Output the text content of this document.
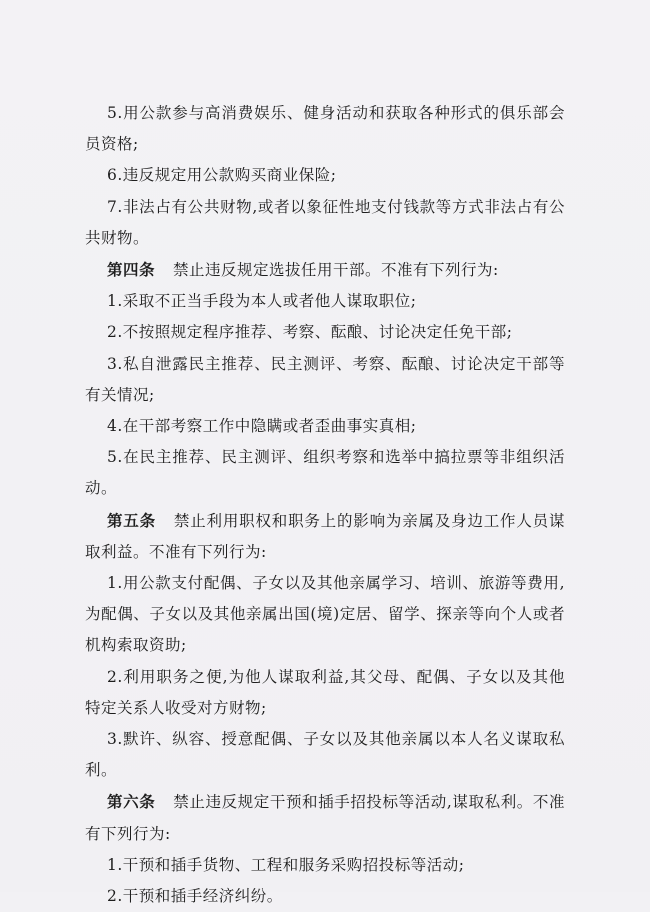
5.用公款参与高消费娱乐、健身活动和获取各种形式的俱乐部会员资格;

6.违反规定用公款购买商业保险;

7.非法占有公共财物,或者以象征性地支付钱款等方式非法占有公共财物。

第四条 禁止违反规定选拔任用干部。不准有下列行为:

1.采取不正当手段为本人或者他人谋取职位;

2.不按照规定程序推荐、考察、酝酿、讨论决定任免干部;

3.私自泄露民主推荐、民主测评、考察、酝酿、讨论决定干部等有关情况;

4.在干部考察工作中隐瞒或者歪曲事实真相;

5.在民主推荐、民主测评、组织考察和选举中搞拉票等非组织活动。

第五条 禁止利用职权和职务上的影响为亲属及身边工作人员谋取利益。不准有下列行为:

1.用公款支付配偶、子女以及其他亲属学习、培训、旅游等费用,为配偶、子女以及其他亲属出国(境)定居、留学、探亲等向个人或者机构索取资助;

2.利用职务之便,为他人谋取利益,其父母、配偶、子女以及其他特定关系人收受对方财物;

3.默许、纵容、授意配偶、子女以及其他亲属以本人名义谋取私利。

第六条 禁止违反规定干预和插手招投标等活动,谋取私利。不准有下列行为:

1.干预和插手货物、工程和服务采购招投标等活动;

2.干预和插手经济纠纷。
